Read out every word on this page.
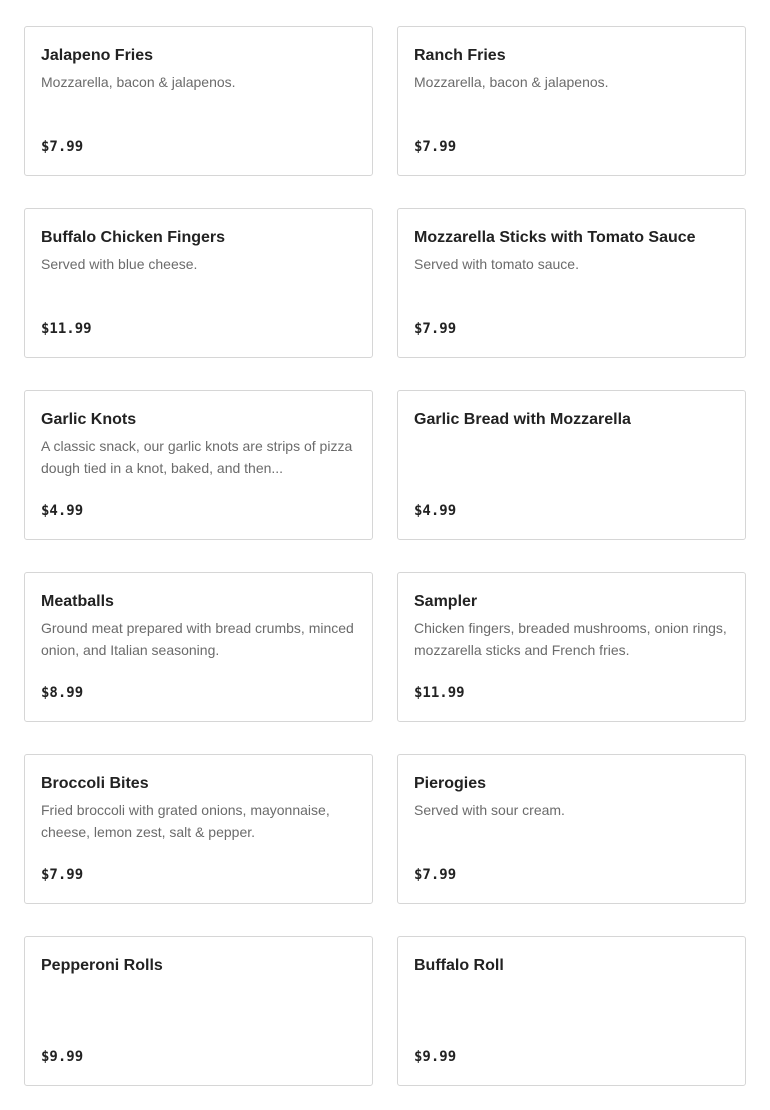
Jalapeno Fries
Mozzarella, bacon & jalapenos.
$7.99
Ranch Fries
Mozzarella, bacon & jalapenos.
$7.99
Buffalo Chicken Fingers
Served with blue cheese.
$11.99
Mozzarella Sticks with Tomato Sauce
Served with tomato sauce.
$7.99
Garlic Knots
A classic snack, our garlic knots are strips of pizza dough tied in a knot, baked, and then...
$4.99
Garlic Bread with Mozzarella
$4.99
Meatballs
Ground meat prepared with bread crumbs, minced onion, and Italian seasoning.
$8.99
Sampler
Chicken fingers, breaded mushrooms, onion rings, mozzarella sticks and French fries.
$11.99
Broccoli Bites
Fried broccoli with grated onions, mayonnaise, cheese, lemon zest, salt & pepper.
$7.99
Pierogies
Served with sour cream.
$7.99
Pepperoni Rolls
$9.99
Buffalo Roll
$9.99
